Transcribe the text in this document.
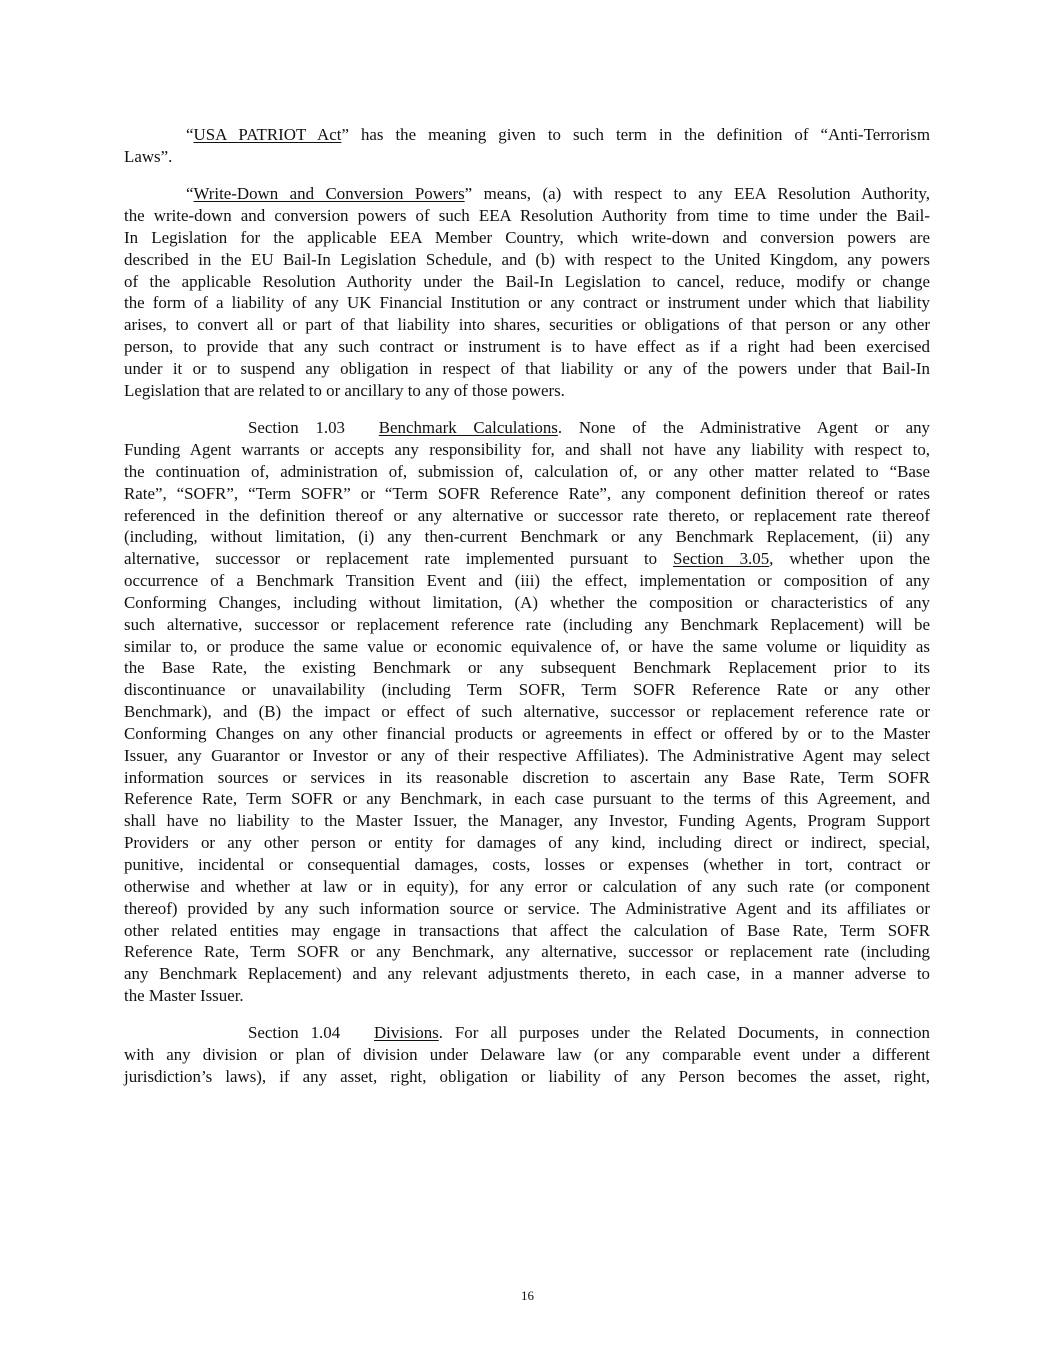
“USA PATRIOT Act” has the meaning given to such term in the definition of “Anti-Terrorism
Laws”.
“Write-Down and Conversion Powers” means, (a) with respect to any EEA Resolution Authority,
the write-down and conversion powers of such EEA Resolution Authority from time to time under the Bail-
In Legislation for the applicable EEA Member Country, which write-down and conversion powers are
described in the EU Bail-In Legislation Schedule, and (b) with respect to the United Kingdom, any powers
of the applicable Resolution Authority under the Bail-In Legislation to cancel, reduce, modify or change
the form of a liability of any UK Financial Institution or any contract or instrument under which that liability
arises, to convert all or part of that liability into shares, securities or obligations of that person or any other
person, to provide that any such contract or instrument is to have effect as if a right had been exercised
under it or to suspend any obligation in respect of that liability or any of the powers under that Bail-In
Legislation that are related to or ancillary to any of those powers.
Section 1.03   Benchmark Calculations. None of the Administrative Agent or any
Funding Agent warrants or accepts any responsibility for, and shall not have any liability with respect to,
the continuation of, administration of, submission of, calculation of, or any other matter related to “Base
Rate”, “SOFR”, “Term SOFR” or “Term SOFR Reference Rate”, any component definition thereof or rates
referenced in the definition thereof or any alternative or successor rate thereto, or replacement rate thereof
(including, without limitation, (i) any then-current Benchmark or any Benchmark Replacement, (ii) any
alternative, successor or replacement rate implemented pursuant to Section 3.05, whether upon the
occurrence of a Benchmark Transition Event and (iii) the effect, implementation or composition of any
Conforming Changes, including without limitation, (A) whether the composition or characteristics of any
such alternative, successor or replacement reference rate (including any Benchmark Replacement) will be
similar to, or produce the same value or economic equivalence of, or have the same volume or liquidity as
the Base Rate, the existing Benchmark or any subsequent Benchmark Replacement prior to its
discontinuance or unavailability (including Term SOFR, Term SOFR Reference Rate or any other
Benchmark), and (B) the impact or effect of such alternative, successor or replacement reference rate or
Conforming Changes on any other financial products or agreements in effect or offered by or to the Master
Issuer, any Guarantor or Investor or any of their respective Affiliates). The Administrative Agent may select
information sources or services in its reasonable discretion to ascertain any Base Rate, Term SOFR
Reference Rate, Term SOFR or any Benchmark, in each case pursuant to the terms of this Agreement, and
shall have no liability to the Master Issuer, the Manager, any Investor, Funding Agents, Program Support
Providers or any other person or entity for damages of any kind, including direct or indirect, special,
punitive, incidental or consequential damages, costs, losses or expenses (whether in tort, contract or
otherwise and whether at law or in equity), for any error or calculation of any such rate (or component
thereof) provided by any such information source or service. The Administrative Agent and its affiliates or
other related entities may engage in transactions that affect the calculation of Base Rate, Term SOFR
Reference Rate, Term SOFR or any Benchmark, any alternative, successor or replacement rate (including
any Benchmark Replacement) and any relevant adjustments thereto, in each case, in a manner adverse to
the Master Issuer.
Section 1.04   Divisions. For all purposes under the Related Documents, in connection
with any division or plan of division under Delaware law (or any comparable event under a different
jurisdiction’s laws), if any asset, right, obligation or liability of any Person becomes the asset, right,
16
